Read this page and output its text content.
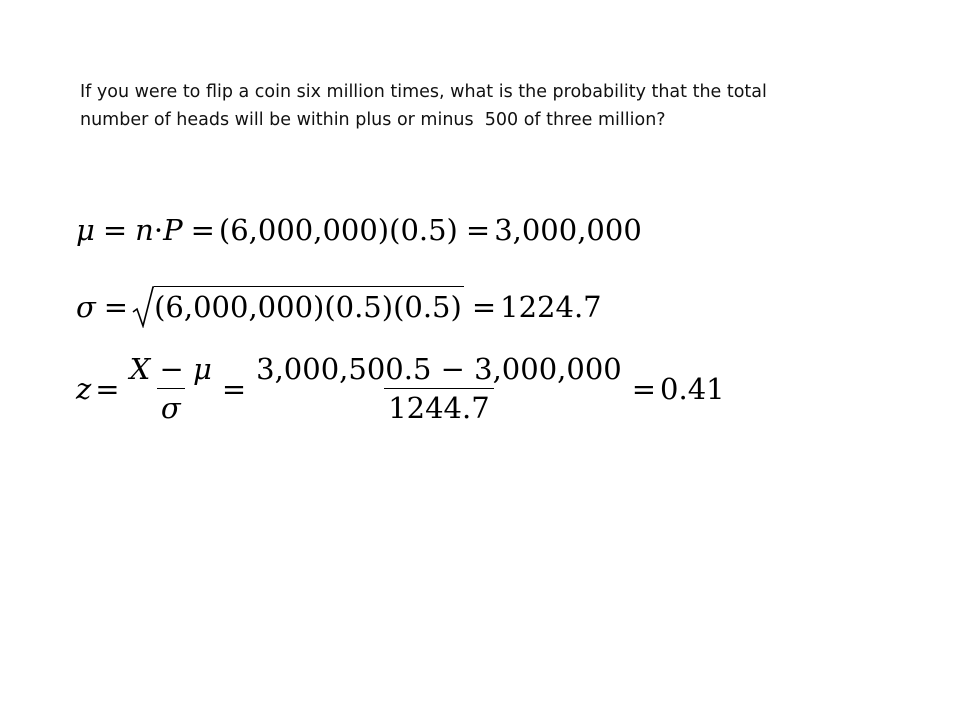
If you were to flip a coin six million times, what is the probability that the total
number of heads will be within plus or minus  500 of three million?
μ = n · P = (6,000,000)(0.5) = 3,000,000
σ = (6,000,000)(0.5)(0.5) = 1224.7
$z = \frac{X - \mu}{\sigma} = \frac{3,000,500.5 - 3,000,000}{1244.7} = 0.41$
